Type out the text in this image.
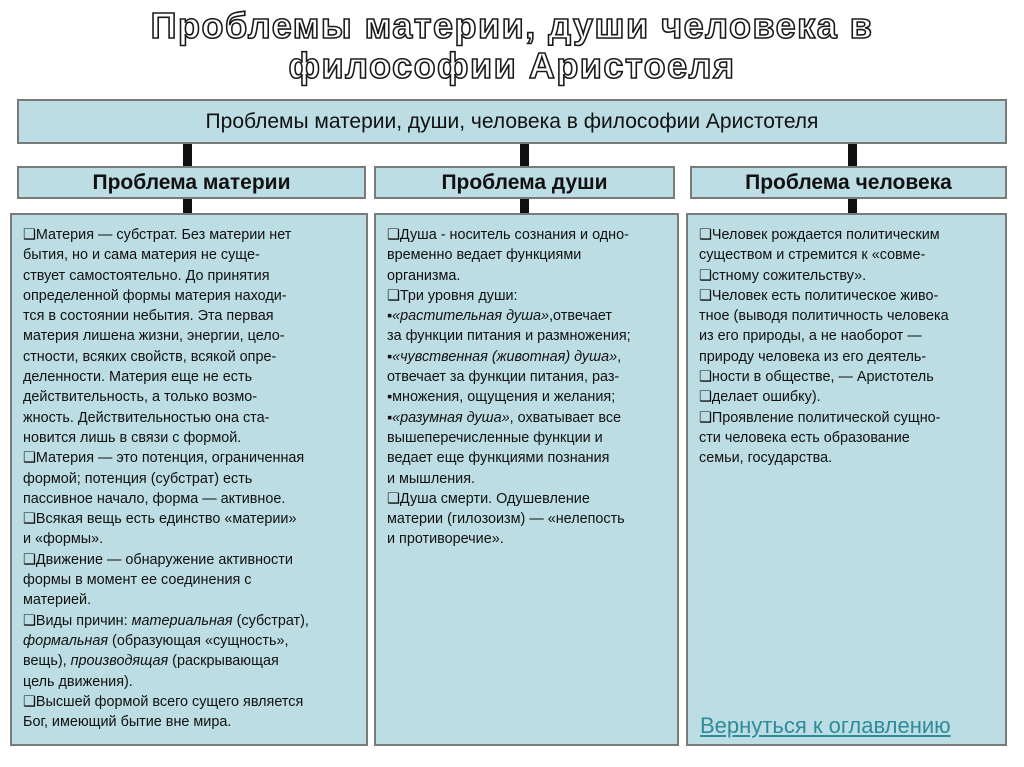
Проблемы материи, души человека в
философии Аристоеля
Проблемы материи, души, человека в философии Аристотеля
Проблема материи	Проблема души	Проблема человека

❑Материя — субстрат. Без материи нет
бытия, но и сама материя не суще-
ствует самостоятельно. До принятия
определенной формы материя находи-
тся в состоянии небытия. Эта первая
материя лишена жизни, энергии, цело-
стности, всяких свойств, всякой опре-
деленности. Материя еще не есть
действительность, а только возмо-
жность. Действительностью она ста-
новится лишь в связи с формой.
❑Материя — это потенция, ограниченная
формой; потенция (субстрат) есть
пассивное начало, форма — активное.
❑Всякая вещь есть единство «материи»
и «формы».
❑Движение — обнаружение активности
формы в момент ее соединения с
материей.

❑Виды причин: материальная (субстрат),
формальная (образующая «сущность»,
вещь), производящая (раскрывающая
цель движения).

❑Высшей формой всего сущего является
Бог, имеющий бытие вне мира.

❑Душа - носитель сознания и одно-
временно ведает функциями
организма.
❑Три уровня души:

▪«растительная душа»,отвечает
за функции питания и размножения;

▪«чувственная (животная) душа»,
отвечает за функции питания, раз-
▪множения, ощущения и желания;

▪«разумная душа», охватывает все
вышеперечисленные функции и
ведает еще функциями познания
и мышления.

❑Душа смерти. Одушевление
материи (гилозоизм) — «нелепость
и противоречие».

❑Человек рождается политическим
существом и стремится к «совме-
❑стному сожительству».
❑Человек есть политическое живо-
тное (выводя политичность человека
из его природы, а не наоборот —
природу человека из его деятель-
❑ности в обществе, — Аристотель
❑делает ошибку).
❑Проявление политической сущно-
сти человека есть образование
семьи, государства.

Вернуться к оглавлению
